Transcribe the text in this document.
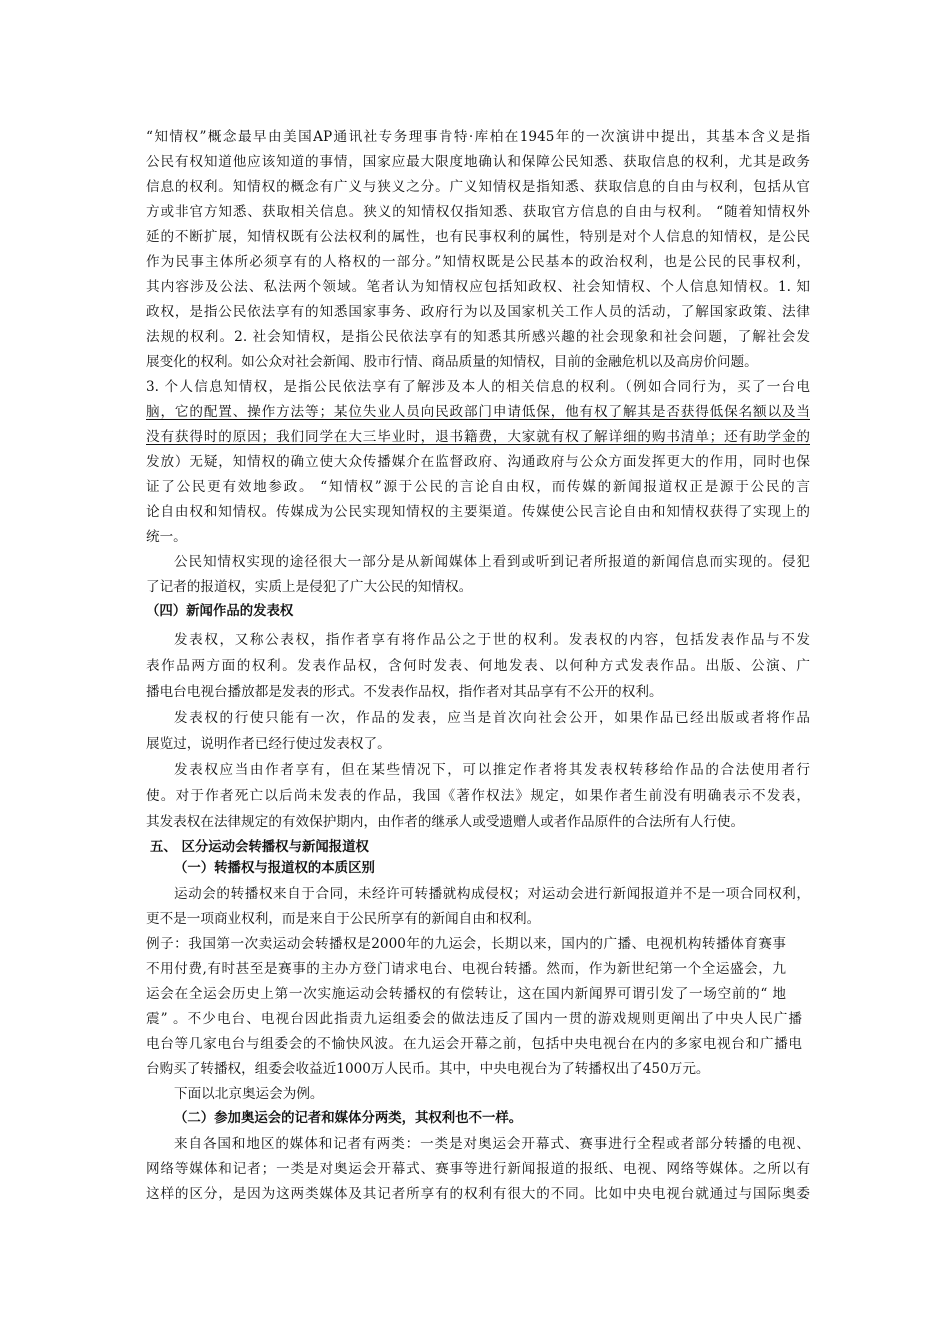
“知情权”概念最早由美国AP通讯社专务理事肯特·库柏在1945年的一次演讲中提出，其基本含义是指
公民有权知道他应该知道的事情，国家应最大限度地确认和保障公民知悉、获取信息的权利，尤其是政务
信息的权利。知情权的概念有广义与狭义之分。广义知情权是指知悉、获取信息的自由与权利，包括从官
方或非官方知悉、获取相关信息。狭义的知情权仅指知悉、获取官方信息的自由与权利。 “随着知情权外
延的不断扩展，知情权既有公法权利的属性，也有民事权利的属性，特别是对个人信息的知情权，是公民
作为民事主体所必须享有的人格权的一部分。”知情权既是公民基本的政治权利，也是公民的民事权利，
其内容涉及公法、私法两个领域。笔者认为知情权应包括知政权、社会知情权、个人信息知情权。1. 知
政权，是指公民依法享有的知悉国家事务、政府行为以及国家机关工作人员的活动，了解国家政策、法律
法规的权利。2. 社会知情权，是指公民依法享有的知悉其所感兴趣的社会现象和社会问题，了解社会发
展变化的权利。如公众对社会新闻、股市行情、商品质量的知情权，目前的金融危机以及高房价问题。
3. 个人信息知情权，是指公民依法享有了解涉及本人的相关信息的权利。（例如合同行为，买了一台电
脑，它的配置、操作方法等；某位失业人员向民政部门申请低保，他有权了解其是否获得低保名额以及当
没有获得时的原因；我们同学在大三毕业时，退书籍费，大家就有权了解详细的购书清单；还有助学金的
发放）无疑，知情权的确立使大众传播媒介在监督政府、沟通政府与公众方面发挥更大的作用，同时也保
证了公民更有效地参政。 “知情权”源于公民的言论自由权，而传媒的新闻报道权正是源于公民的言
论自由权和知情权。传媒成为公民实现知情权的主要渠道。传媒使公民言论自由和知情权获得了实现上的
统一。
公民知情权实现的途径很大一部分是从新闻媒体上看到或听到记者所报道的新闻信息而实现的。侵犯
了记者的报道权，实质上是侵犯了广大公民的知情权。
（四）新闻作品的发表权
发表权，又称公表权，指作者享有将作品公之于世的权利。发表权的内容，包括发表作品与不发
表作品两方面的权利。发表作品权，含何时发表、何地发表、以何种方式发表作品。出版、公演、广
播电台电视台播放都是发表的形式。不发表作品权，指作者对其品享有不公开的权利。
发表权的行使只能有一次，作品的发表，应当是首次向社会公开，如果作品已经出版或者将作品
展览过，说明作者已经行使过发表权了。
发表权应当由作者享有，但在某些情况下，可以推定作者将其发表权转移给作品的合法使用者行
使。对于作者死亡以后尚未发表的作品，我国《著作权法》规定，如果作者生前没有明确表示不发表，
其发表权在法律规定的有效保护期内，由作者的继承人或受遗赠人或者作品原件的合法所有人行使。
五、 区分运动会转播权与新闻报道权
（一）转播权与报道权的本质区别
运动会的转播权来自于合同，未经许可转播就构成侵权；对运动会进行新闻报道并不是一项合同权利，
更不是一项商业权利，而是来自于公民所享有的新闻自由和权利。
例子：我国第一次卖运动会转播权是2000年的九运会，长期以来，国内的广播、电视机构转播体育赛事
不用付费,有时甚至是赛事的主办方登门请求电台、电视台转播。然而，作为新世纪第一个全运盛会，九
运会在全运会历史上第一次实施运动会转播权的有偿转让，这在国内新闻界可谓引发了一场空前的“ 地
震” 。不少电台、电视台因此指责九运组委会的做法违反了国内一贯的游戏规则更阐出了中央人民广播
电台等几家电台与组委会的不愉快风波。在九运会开幕之前，包括中央电视台在内的多家电视台和广播电
台购买了转播权，组委会收益近1000万人民币。其中，中央电视台为了转播权出了450万元。
下面以北京奥运会为例。
（二）参加奥运会的记者和媒体分两类，其权利也不一样。
来自各国和地区的媒体和记者有两类：一类是对奥运会开幕式、赛事进行全程或者部分转播的电视、
网络等媒体和记者；一类是对奥运会开幕式、赛事等进行新闻报道的报纸、电视、网络等媒体。之所以有
这样的区分，是因为这两类媒体及其记者所享有的权利有很大的不同。比如中央电视台就通过与国际奥委
